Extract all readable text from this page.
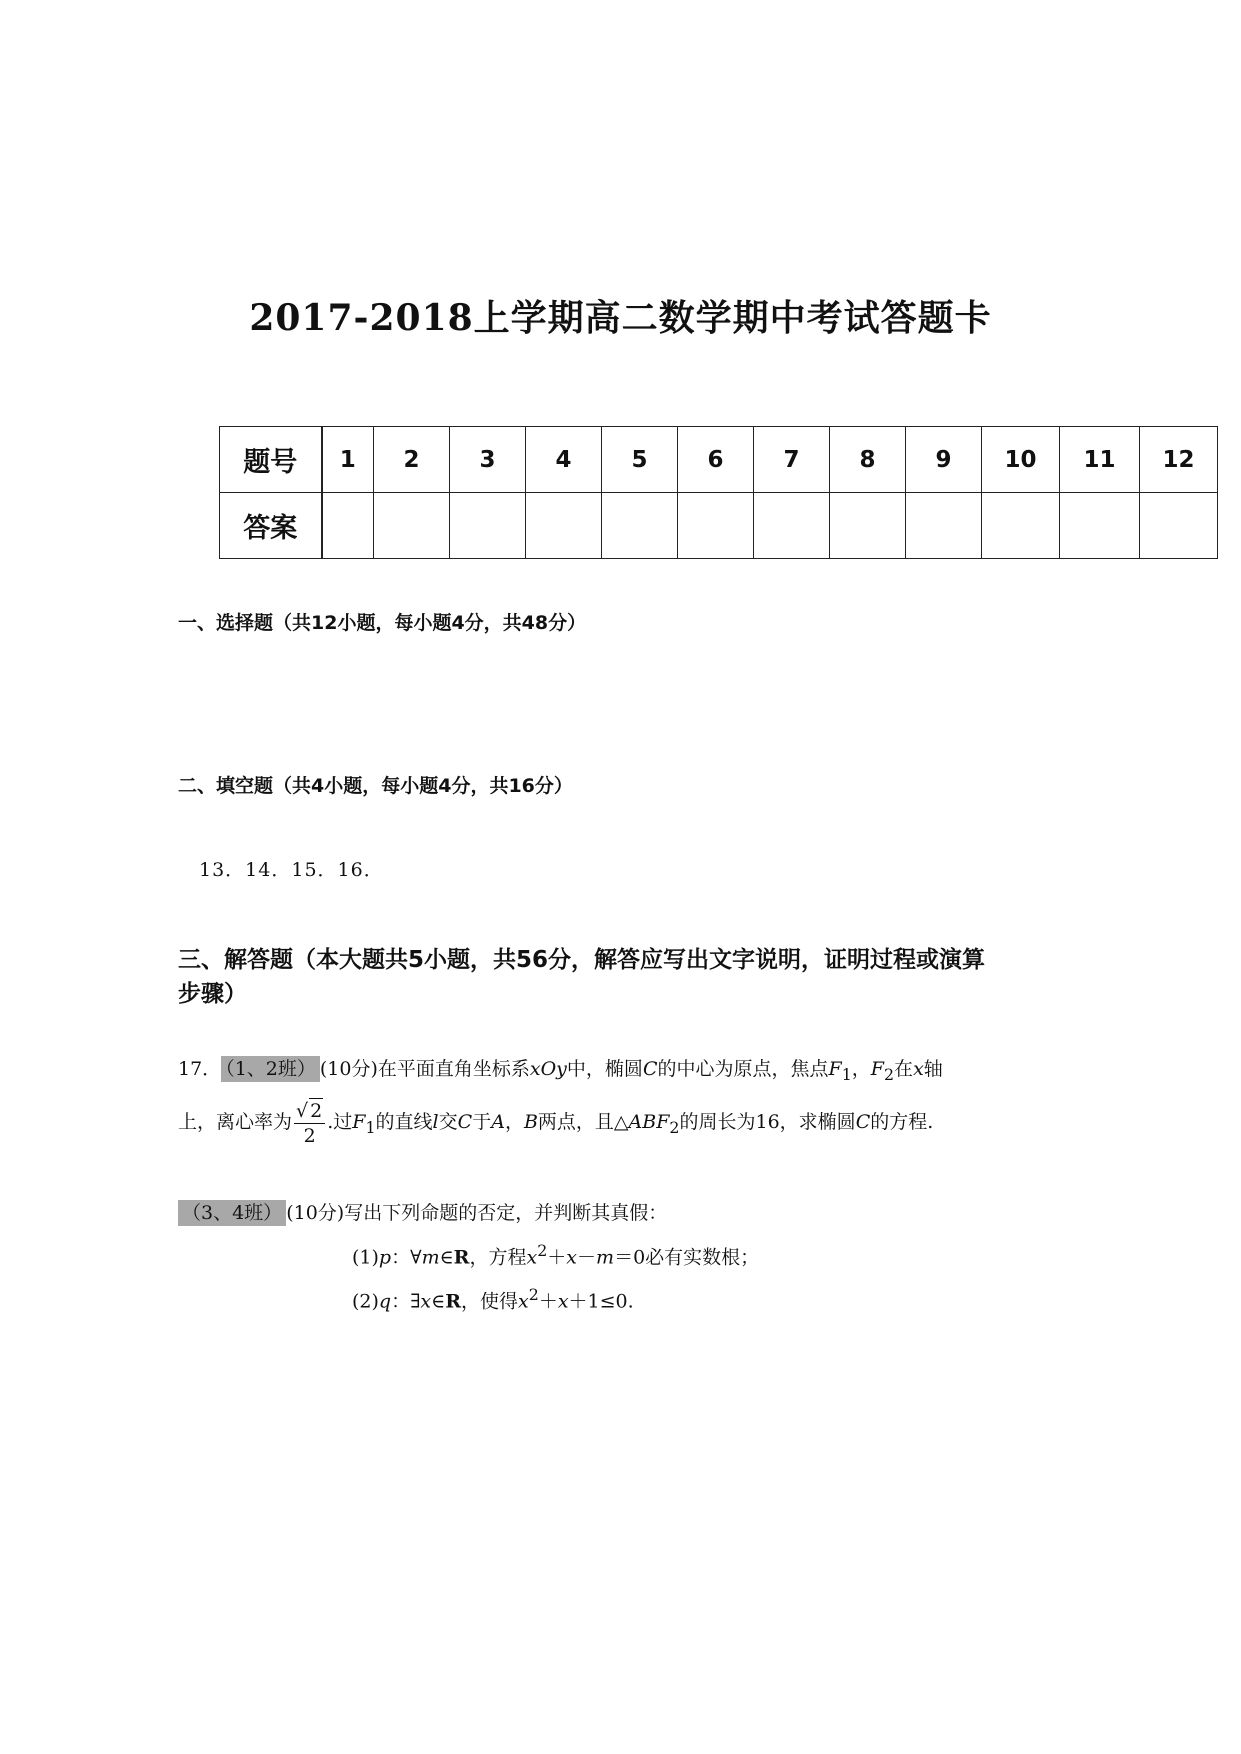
2017-2018上学期高二数学期中考试答题卡
题号	1	2	3	4	5	6	7	8	9	10	11	12
答案												
一、选择题（共12小题，每小题4分，共48分）
二、填空题（共4小题，每小题4分，共16分）
13．14．15．16．
三、解答题（本大题共5小题，共56分，解答应写出文字说明，证明过程或演算
步骤）
17． （1、2班） (10分)在平面直角坐标系xOy中，椭圆C的中心为原点，焦点$F_1$，$F_2$在x轴
上，离心率为 $\frac{√ 2}{2}$ .过$F_1$的直线l交C于A，B两点，且$\triangle ABF_2$的周长为16，求椭圆C的方程.
（3、4班） (10分)写出下列命题的否定，并判断其真假：
(1)p：∀m∈R，方程$x^2+x-m=0$必有实数根；
(2)q：∃x∈R，使得$x^2+x+1\le 0$.
